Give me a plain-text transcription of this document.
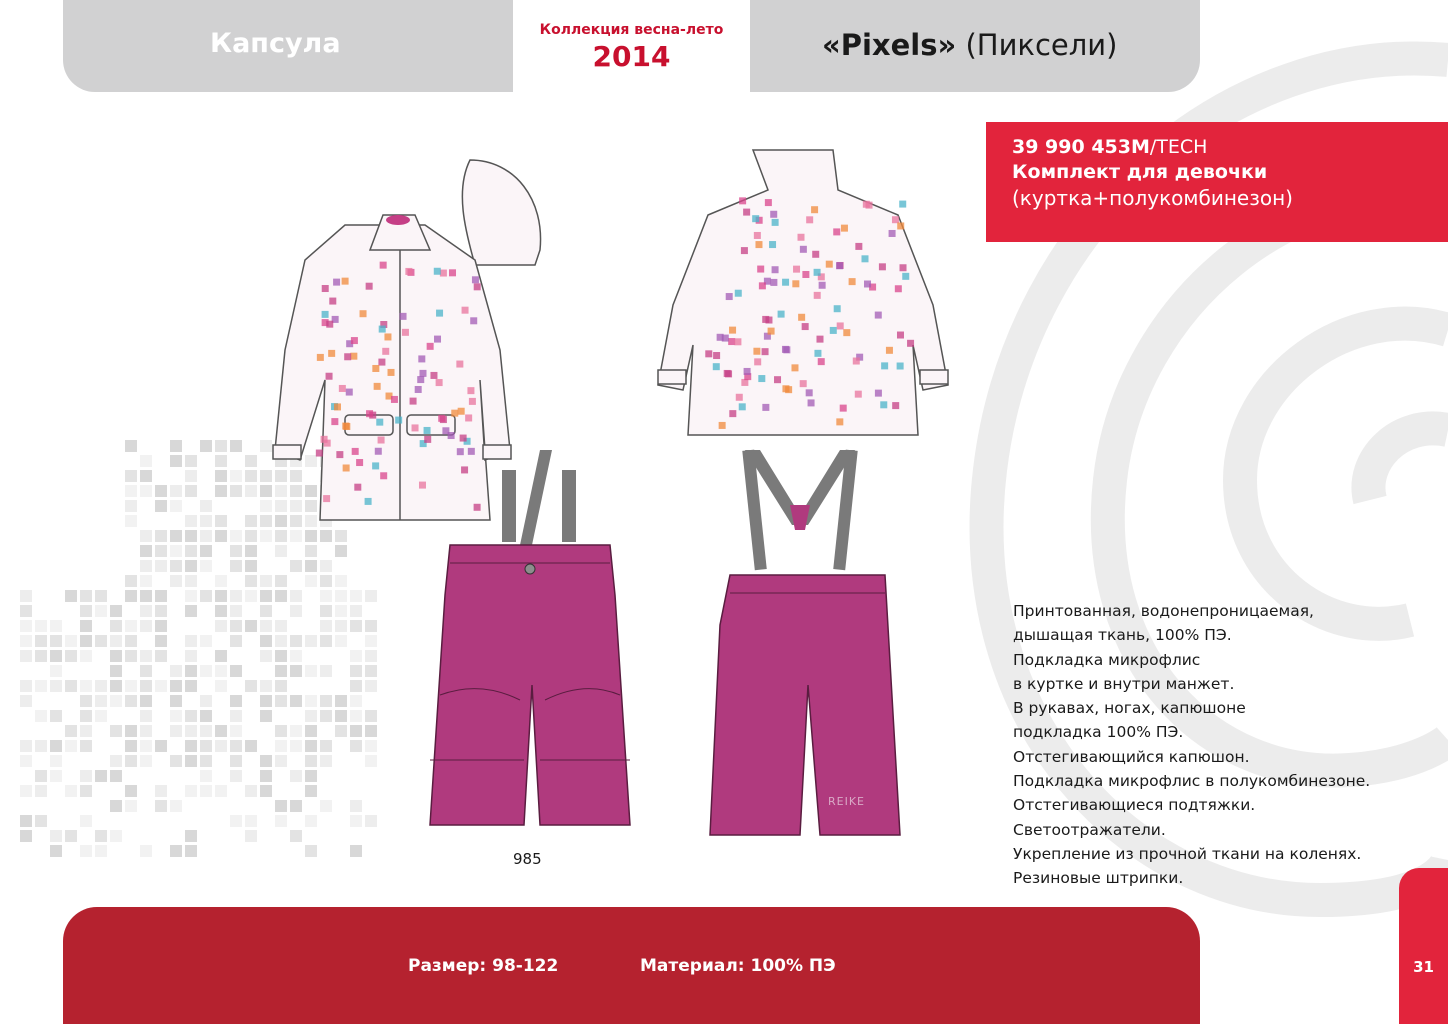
Капсула	Коллекция весна-лето
2014	«Pixels» (Пиксели)
39 990 453М/TECH
Комплект для девочки
(куртка+полукомбинезон)
REIKE
985
Принтованная, водонепроницаемая,
дышащая ткань, 100% ПЭ.
Подкладка микрофлис
в куртке и внутри манжет.
В рукавах, ногах, капюшоне
подкладка 100% ПЭ.
Отстегивающийся капюшон.
Подкладка микрофлис в полукомбинезоне.
Отстегивающиеся подтяжки.
Светоотражатели.
Укрепление из прочной ткани на коленях.
Резиновые штрипки.
Размер: 98-122	Материал: 100% ПЭ	31
